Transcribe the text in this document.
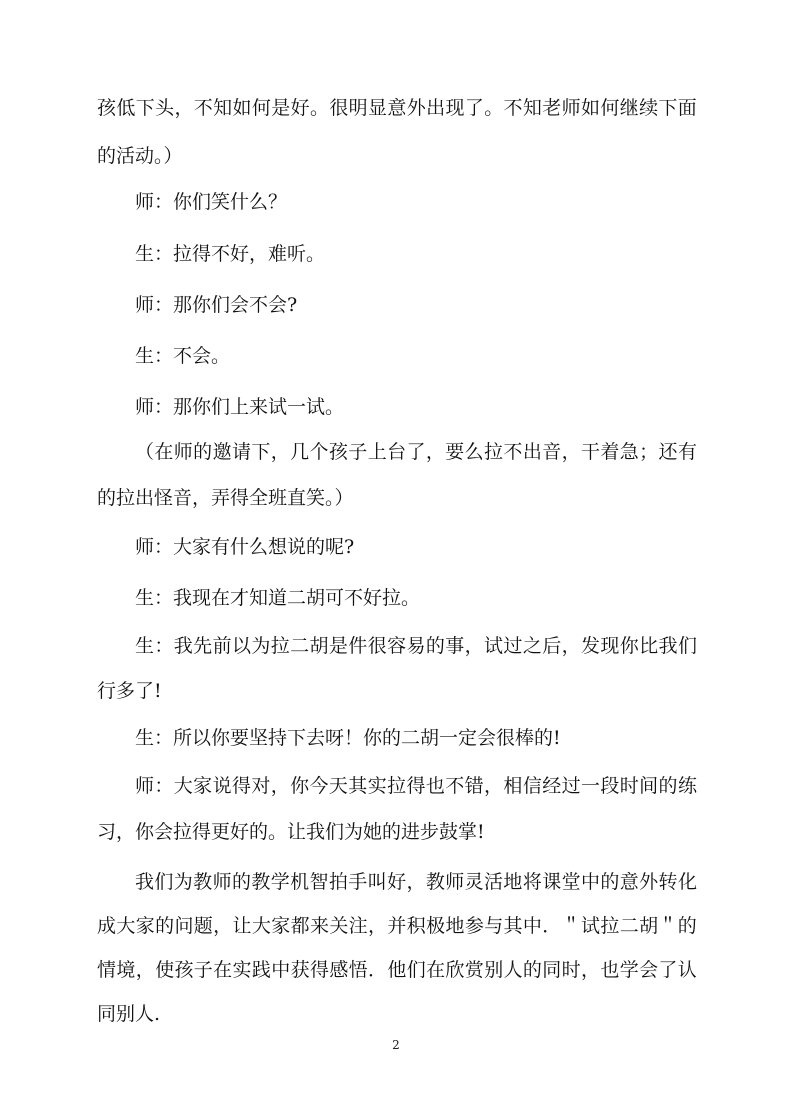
孩 低 下 头 ， 不 知 如 何 是 好 。 很 明 显 意 外 出 现 了 。 不 知 老 师 如 何 继 续 下 面
的活动。）
师：你们笑什么？
生：拉得不好，难听。
师：那你们会不会?
生：不会。
师：那你们上来试一试。
（ 在 师 的 邀 请 下 ， 几 个 孩 子 上 台 了 ， 要 么 拉 不 出 音 ， 干 着 急 ； 还 有
的拉出怪音，弄得全班直笑。）
师：大家有什么想说的呢?
生：我现在才知道二胡可不好拉。
生 ： 我 先 前 以 为 拉 二 胡 是 件 很 容 易 的 事 ， 试 过 之 后 ， 发 现 你 比 我 们
行多了!
生：所以你要坚持下去呀！你的二胡一定会很棒的!
师 ： 大 家 说 得 对 ， 你 今 天 其 实 拉 得 也 不 错 ， 相 信 经 过 一 段 时 间 的 练
习，你会拉得更好的。让我们为她的进步鼓掌!
我 们 为 教 师 的 教 学 机 智 拍 手 叫 好 ， 教 师 灵 活 地 将 课 堂 中 的 意 外 转 化
成 大 家 的 问 题 ， 让 大 家 都 来 关 注 ， 并 积 极 地 参 与 其 中 ． ＂ 试 拉 二 胡 ＂ 的
情 境 ， 使 孩 子 在 实 践 中 获 得 感 悟 ． 他 们 在 欣 赏 别 人 的 同 时 ， 也 学 会 了 认
同别人.
2
